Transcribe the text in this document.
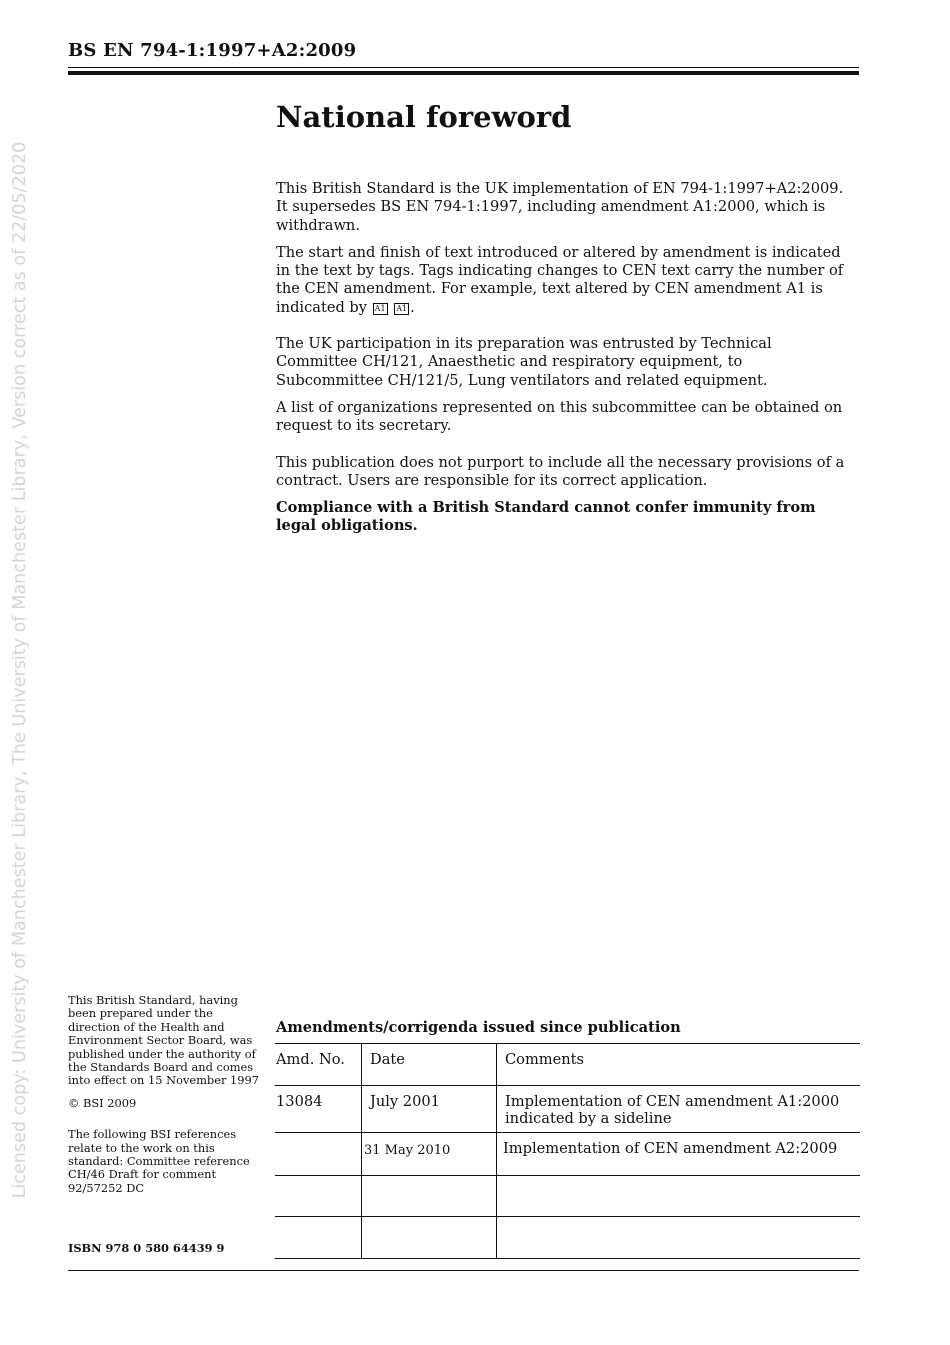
BS EN 794-1:1997+A2:2009
Licensed copy: University of Manchester Library, The University of Manchester Library, Version correct as of 22/05/2020
National foreword

This British Standard is the UK implementation of EN 794-1:1997+A2:2009. It supersedes BS EN 794-1:1997, including amendment A1:2000, which is withdrawn.

The start and finish of text introduced or altered by amendment is indicated in the text by tags. Tags indicating changes to CEN text carry the number of the CEN amendment. For example, text altered by CEN amendment A1 is indicated by A1 A1 .

The UK participation in its preparation was entrusted by Technical Committee CH/121, Anaesthetic and respiratory equipment, to Subcommittee CH/121/5, Lung ventilators and related equipment.

A list of organizations represented on this subcommittee can be obtained on request to its secretary.

This publication does not purport to include all the necessary provisions of a contract. Users are responsible for its correct application.

Compliance with a British Standard cannot confer immunity from legal obligations.

This British Standard, having been prepared under the direction of the Health and Environment Sector Board, was published under the authority of the Standards Board and comes into effect on 15 November 1997

© BSI 2009

The following BSI references relate to the work on this standard: Committee reference CH/46 Draft for comment 92/57252 DC

ISBN 978 0 580 64439 9
Amendments/corrigenda issued since publication
Amd. No.	Date	Comments
13084	July 2001	Implementation of CEN amendment A1:2000 indicated by a sideline
	31 May 2010	Implementation of CEN amendment A2:2009
